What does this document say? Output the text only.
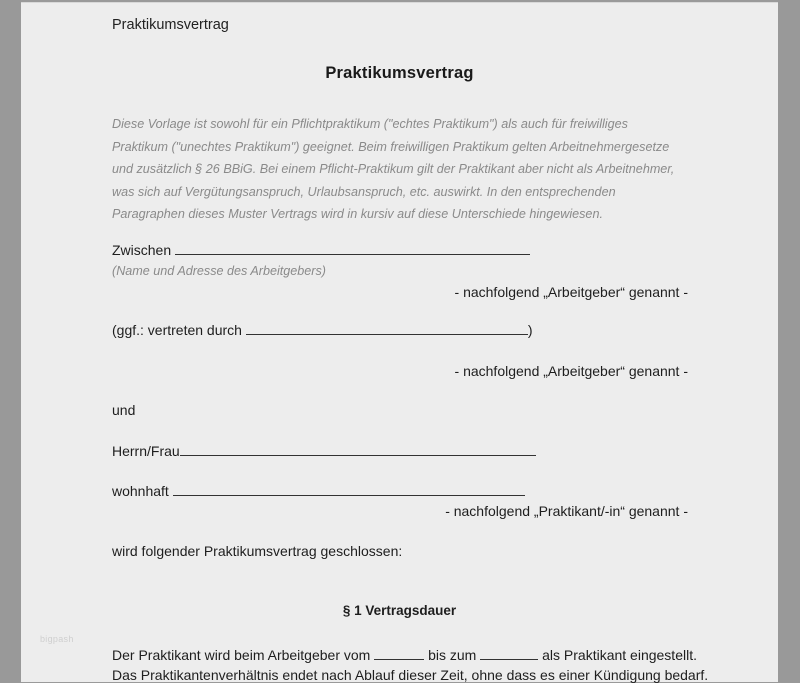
Praktikumsvertrag
Praktikumsvertrag
Diese Vorlage ist sowohl für ein Pflichtpraktikum ("echtes Praktikum") als auch für freiwilliges
Praktikum ("unechtes Praktikum") geeignet. Beim freiwilligen Praktikum gelten Arbeitnehmergesetze
und zusätzlich § 26 BBiG. Bei einem Pflicht-Praktikum gilt der Praktikant aber nicht als Arbeitnehmer,
was sich auf Vergütungsanspruch, Urlaubsanspruch, etc. auswirkt. In den entsprechenden
Paragraphen dieses Muster Vertrags wird in kursiv auf diese Unterschiede hingewiesen.
Zwischen
(Name und Adresse des Arbeitgebers)
- nachfolgend „Arbeitgeber“ genannt -
(ggf.: vertreten durch	)
- nachfolgend „Arbeitgeber“ genannt -
und
Herrn/Frau
wohnhaft
- nachfolgend „Praktikant/-in“ genannt -
wird folgender Praktikumsvertrag geschlossen:
§ 1 Vertragsdauer
bigpash
Der Praktikant wird beim Arbeitgeber vom	bis zum	als Praktikant eingestellt.
Das Praktikantenverhältnis endet nach Ablauf dieser Zeit, ohne dass es einer Kündigung bedarf.
